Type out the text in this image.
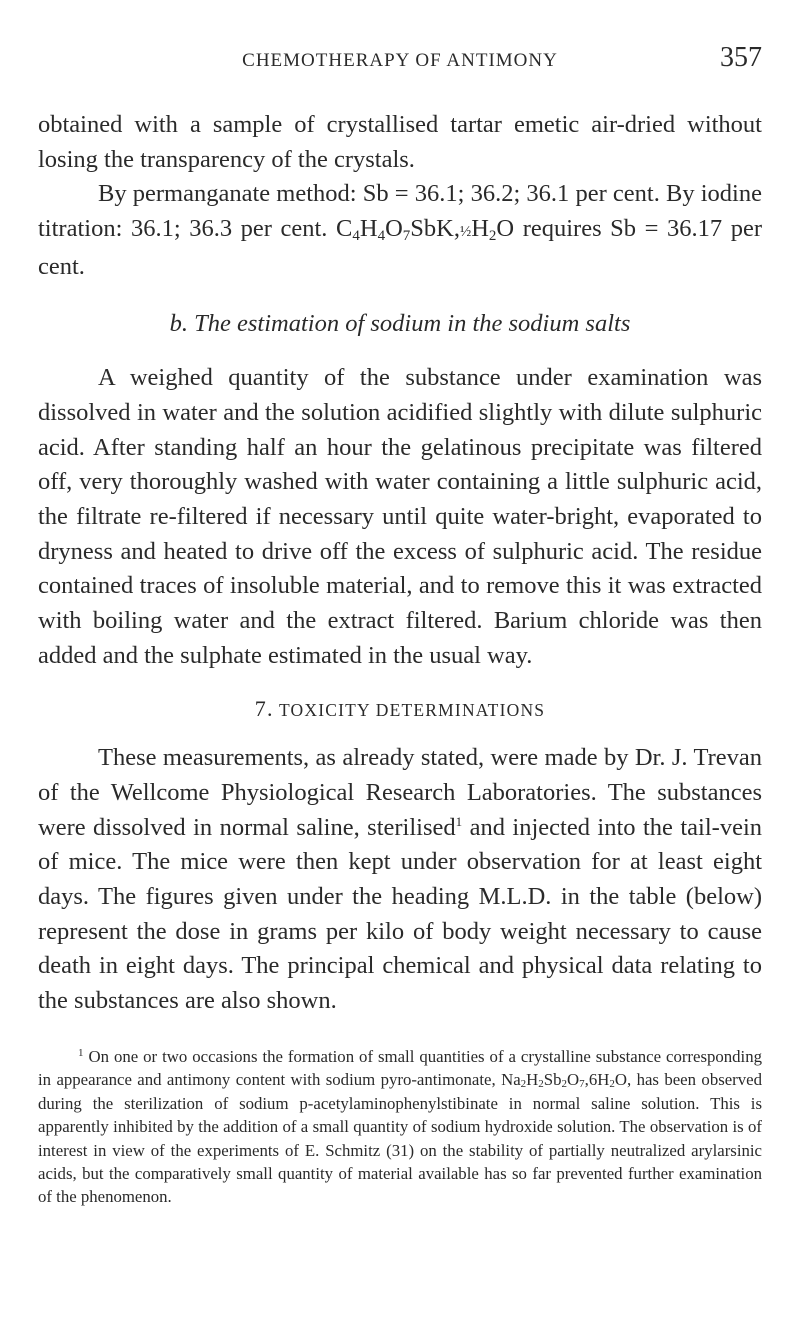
CHEMOTHERAPY OF ANTIMONY	357

obtained with a sample of crystallised tartar emetic air-dried without losing the transparency of the crystals.

By permanganate method: Sb = 36.1; 36.2; 36.1 per cent. By iodine titration: 36.1; 36.3 per cent. $C_4H_4O_7SbK,\frac{1}{2}H_2O$ requires Sb = 36.17 per cent.

b. The estimation of sodium in the sodium salts

A weighed quantity of the substance under examination was dissolved in water and the solution acidified slightly with dilute sulphuric acid. After standing half an hour the gelatinous precipitate was filtered off, very thoroughly washed with water containing a little sulphuric acid, the filtrate re-filtered if necessary until quite water-bright, evaporated to dryness and heated to drive off the excess of sulphuric acid. The residue contained traces of insoluble material, and to remove this it was extracted with boiling water and the extract filtered. Barium chloride was then added and the sulphate estimated in the usual way.

7. TOXICITY DETERMINATIONS

These measurements, as already stated, were made by Dr. J. Trevan of the Wellcome Physiological Research Laboratories. The substances were dissolved in normal saline, sterilised$^1$ and injected into the tail-vein of mice. The mice were then kept under observation for at least eight days. The figures given under the heading M.L.D. in the table (below) represent the dose in grams per kilo of body weight necessary to cause death in eight days. The principal chemical and physical data relating to the substances are also shown.

$^1$ On one or two occasions the formation of small quantities of a crystalline substance corresponding in appearance and antimony content with sodium pyro-antimonate, $Na_2H_2Sb_2O_7,6H_2O$, has been observed during the sterilization of sodium p-acetylaminophenylstibinate in normal saline solution. This is apparently inhibited by the addition of a small quantity of sodium hydroxide solution. The observation is of interest in view of the experiments of E. Schmitz (31) on the stability of partially neutralized arylarsinic acids, but the comparatively small quantity of material available has so far prevented further examination of the phenomenon.
